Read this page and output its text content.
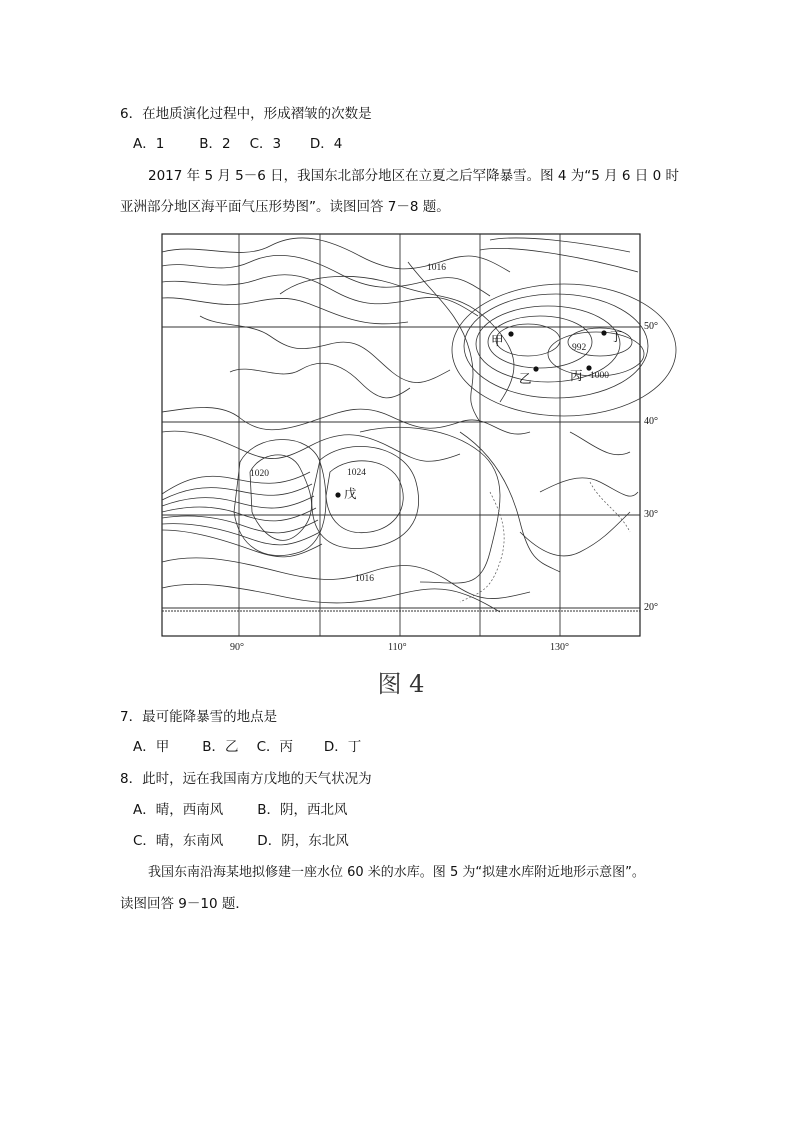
6．在地质演化过程中，形成褶皱的次数是
A．1	B．2 C．3 D．4
2017 年 5 月 5－6 日，我国东北部分地区在立夏之后罕降暴雪。图 4 为“5 月 6 日 0 时
亚洲部分地区海平面气压形势图”。读图回答 7－8 题。
1016
992
1000
1020	1024
1016
甲
乙	丙
丁
戊
90°	110°	130°
50°
40°
30°
20°
图 4
7．最可能降暴雪的地点是
A．甲 B．乙 C．丙 D．丁
8．此时，远在我国南方戊地的天气状况为
A．晴，西南风	B．阴，西北风
C．晴，东南风	D．阴，东北风
我国东南沿海某地拟修建一座水位 60 米的水库。图 5 为“拟建水库附近地形示意图”。
读图回答 9－10 题．
